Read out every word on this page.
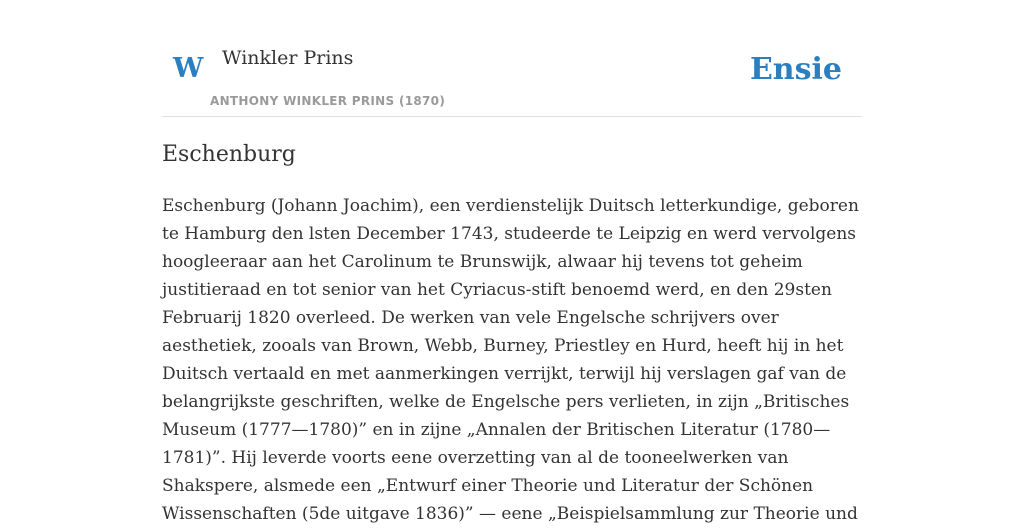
W Winkler Prins
ANTHONY WINKLER PRINS (1870)
Ensie
Eschenburg

Eschenburg (Johann Joachim), een verdienstelijk Duitsch letterkundige, geboren te Hamburg den lsten December 1743, studeerde te Leipzig en werd vervolgens hoogleeraar aan het Carolinum te Brunswijk, alwaar hij tevens tot geheim justitieraad en tot senior van het Cyriacus-stift benoemd werd, en den 29sten Februarij 1820 overleed. De werken van vele Engelsche schrijvers over aesthetiek, zooals van Brown, Webb, Burney, Priestley en Hurd, heeft hij in het Duitsch vertaald en met aanmerkingen verrijkt, terwijl hij verslagen gaf van de belangrijkste geschriften, welke de Engelsche pers verlieten, in zijn „Britisches Museum (1777—1780)” en in zijne „Annalen der Britischen Literatur (1780—1781)”. Hij leverde voorts eene overzetting van al de tooneelwerken van Shakspere, alsmede een „Entwurf einer Theorie und Literatur der Schönen Wissenschaften (5de uitgave 1836)” — eene „Beispielsammlung zur Theorie und
